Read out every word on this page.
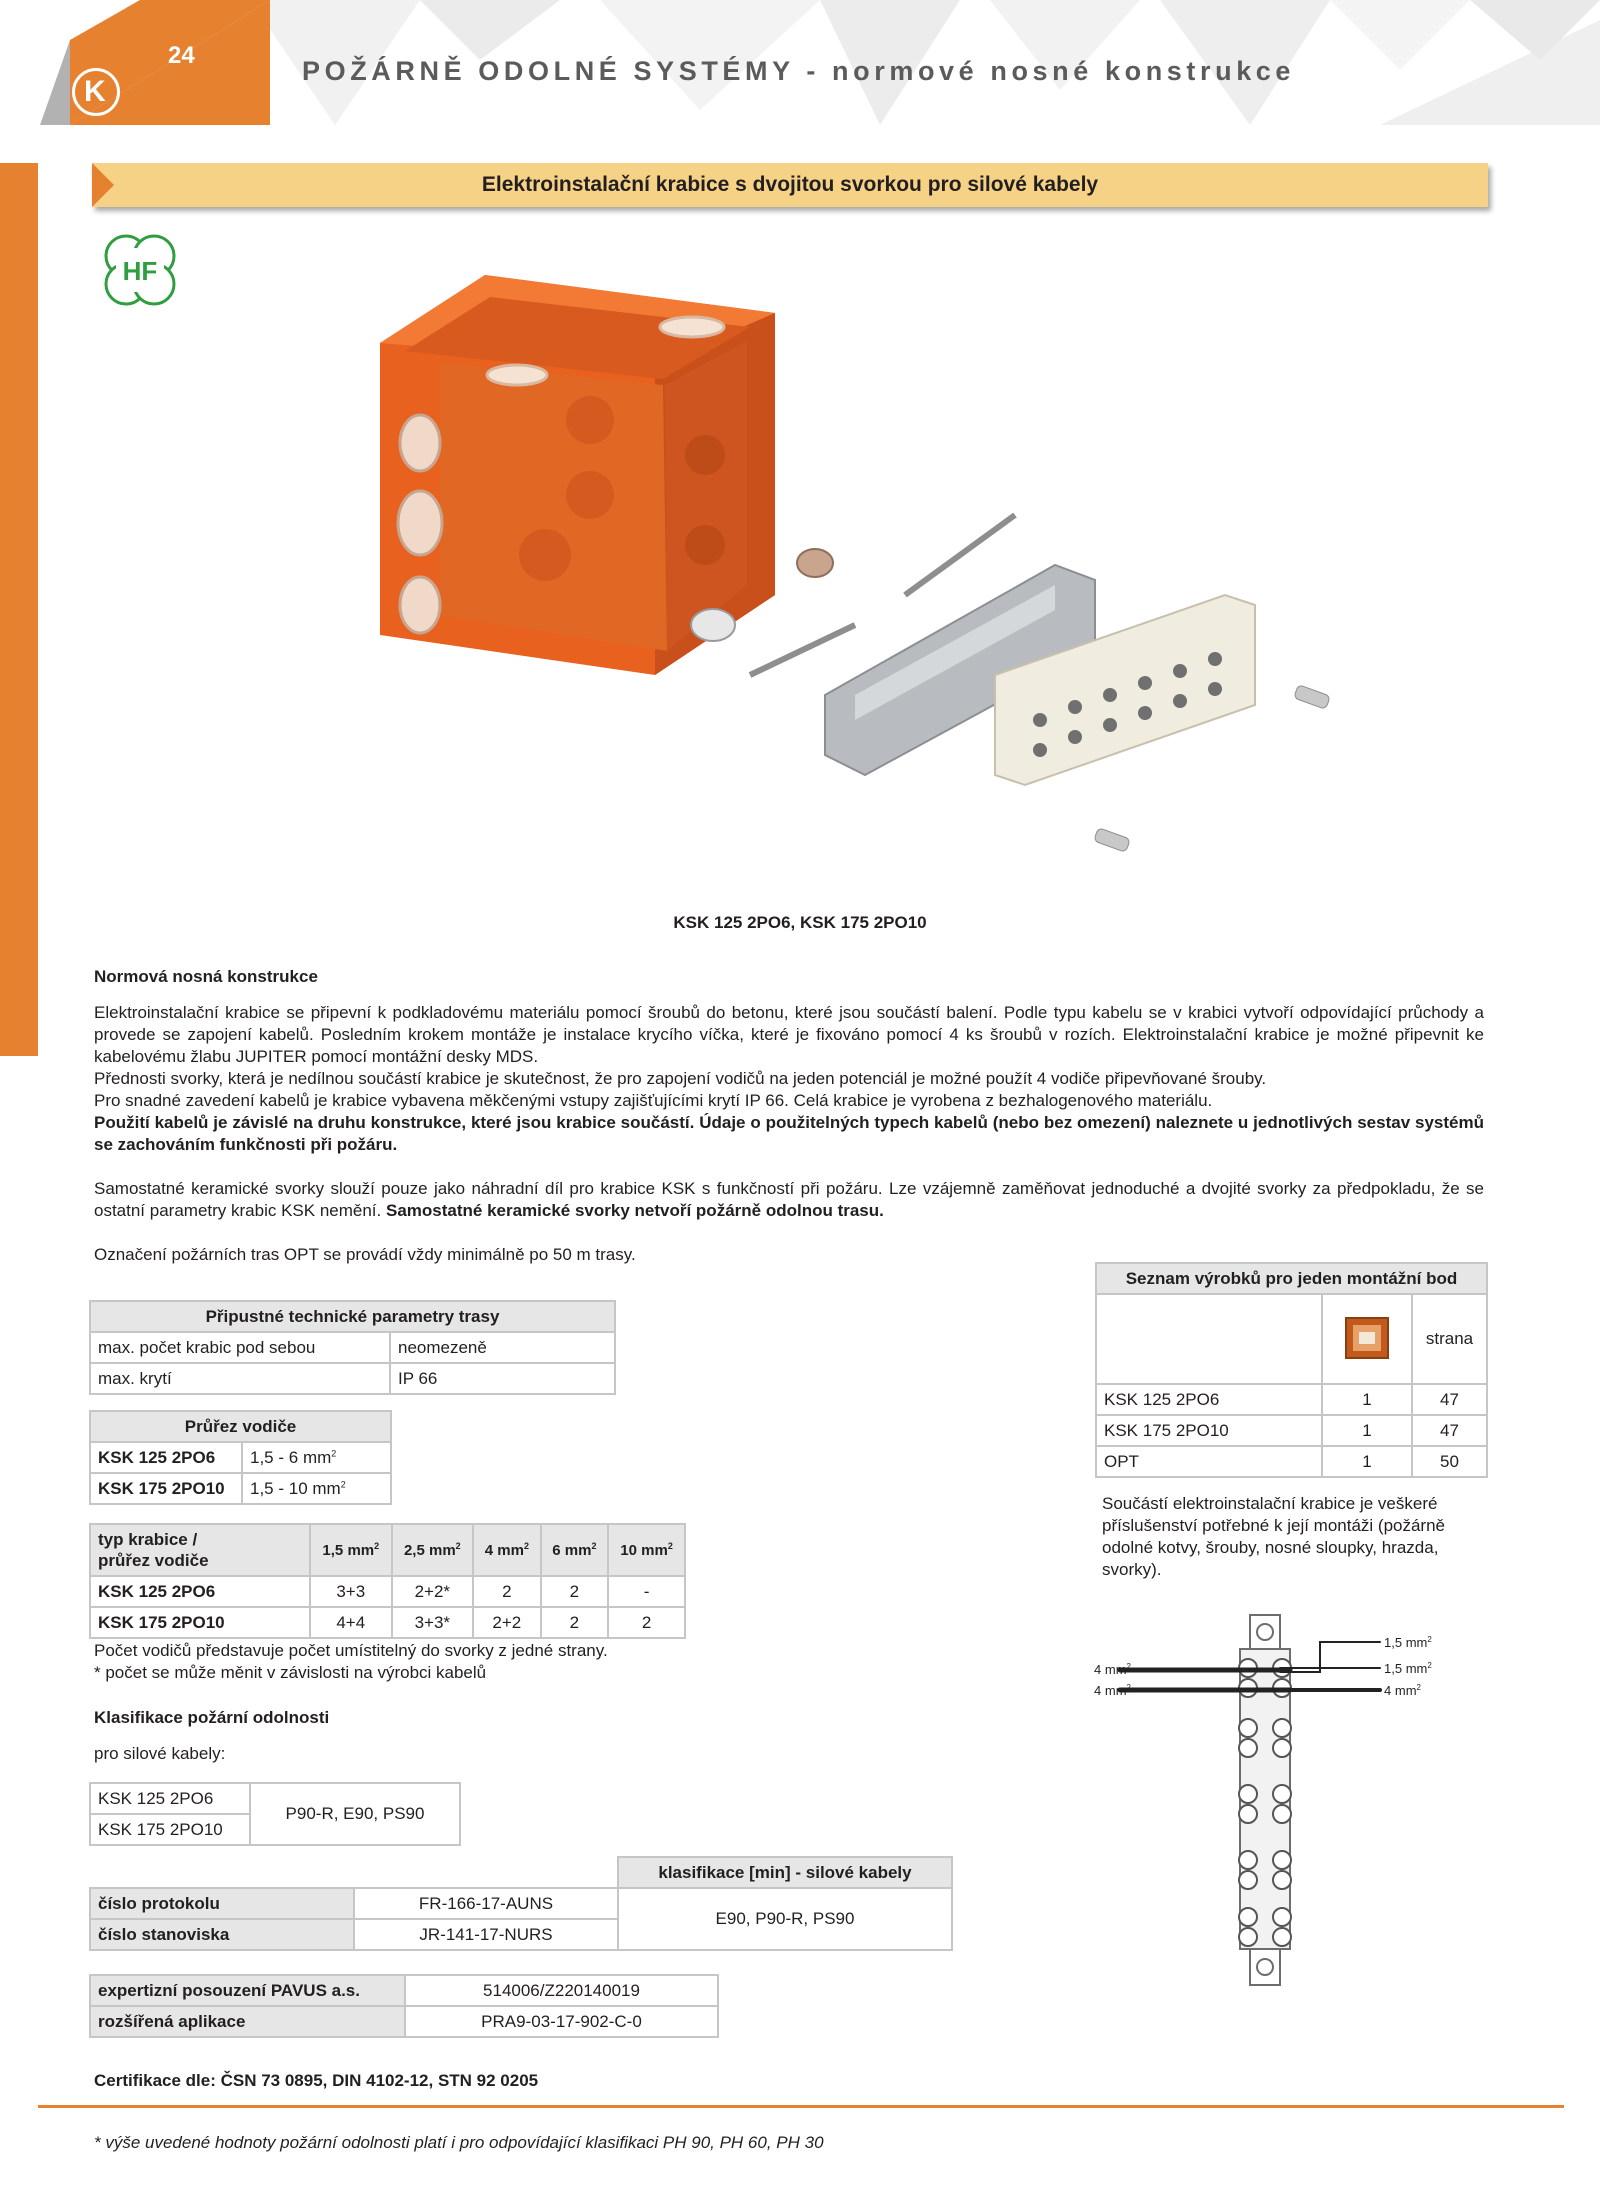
K
24
POŽÁRNĚ ODOLNÉ SYSTÉMY - normové nosné konstrukce
Elektroinstalační krabice s dvojitou svorkou pro silové kabely
HF
KSK 125 2PO6, KSK 175 2PO10
Normová nosná konstrukce

Elektroinstalační krabice se připevní k podkladovému materiálu pomocí šroubů do betonu, které jsou součástí balení. Podle typu kabelu se v krabici vytvoří odpovídající průchody a provede se zapojení kabelů. Posledním krokem montáže je instalace krycího víčka, které je fixováno pomocí 4 ks šroubů v rozích. Elektroinstalační krabice je možné připevnit ke kabelovému žlabu JUPITER pomocí montážní desky MDS.

Přednosti svorky, která je nedílnou součástí krabice je skutečnost, že pro zapojení vodičů na jeden potenciál je možné použít 4 vodiče připevňované šrouby.

Pro snadné zavedení kabelů je krabice vybavena měkčenými vstupy zajišťujícími krytí IP 66. Celá krabice je vyrobena z bezhalogenového materiálu.

Použití kabelů je závislé na druhu konstrukce, které jsou krabice součástí. Údaje o použitelných typech kabelů (nebo bez omezení) naleznete u jednotlivých sestav systémů se zachováním funkčnosti při požáru.

Samostatné keramické svorky slouží pouze jako náhradní díl pro krabice KSK s funkčností při požáru. Lze vzájemně zaměňovat jednoduché a dvojité svorky za předpokladu, že se ostatní parametry krabic KSK nemění. Samostatné keramické svorky netvoří požárně odolnou trasu.
Označení požárních tras OPT se provádí vždy minimálně po 50 m trasy.
Připustné technické parametry trasy	
max. počet krabic pod sebou	neomezeně
max. krytí	IP 66
Průřez vodiče	
KSK 125 2PO6	1,5 - 6 $mm^2$
KSK 175 2PO10	1,5 - 10 $mm^2$
typ krabice /
průřez vodiče	1,5 $mm^2$	2,5 $mm^2$	4 $mm^2$	6 $mm^2$	10 $mm^2$
KSK 125 2PO6	3+3	2+2*	2	2	-
KSK 175 2PO10	4+4	3+3*	2+2	2	2
Počet vodičů představuje počet umístitelný do svorky z jedné strany.
* počet se může měnit v závislosti na výrobci kabelů
Klasifikace požární odolnosti
pro silové kabely:
KSK 125 2PO6	P90-R, E90, PS90
KSK 175 2PO10
		klasifikace [min] - silové kabely
číslo protokolu	FR-166-17-AUNS	E90, P90-R, PS90
číslo stanoviska	JR-141-17-NURS	
expertizní posouzení PAVUS a.s.	514006/Z220140019
rozšířená aplikace	PRA9-03-17-902-C-0
Certifikace dle: ČSN 73 0895, DIN 4102-12, STN 92 0205
Seznam výrobků pro jeden montážní bod		
		strana
KSK 125 2PO6	1	47
KSK 175 2PO10	1	47
OPT	1	50
Součástí elektroinstalační krabice je veškeré příslušenství potřebné k její montáži (požárně odolné kotvy, šrouby, nosné sloupky, hrazda, svorky).
4 $mm^2$
4 $mm^2$
1,5 $mm^2$
1,5 $mm^2$
4 $mm^2$
* výše uvedené hodnoty požární odolnosti platí i pro odpovídající klasifikaci PH 90, PH 60, PH 30
